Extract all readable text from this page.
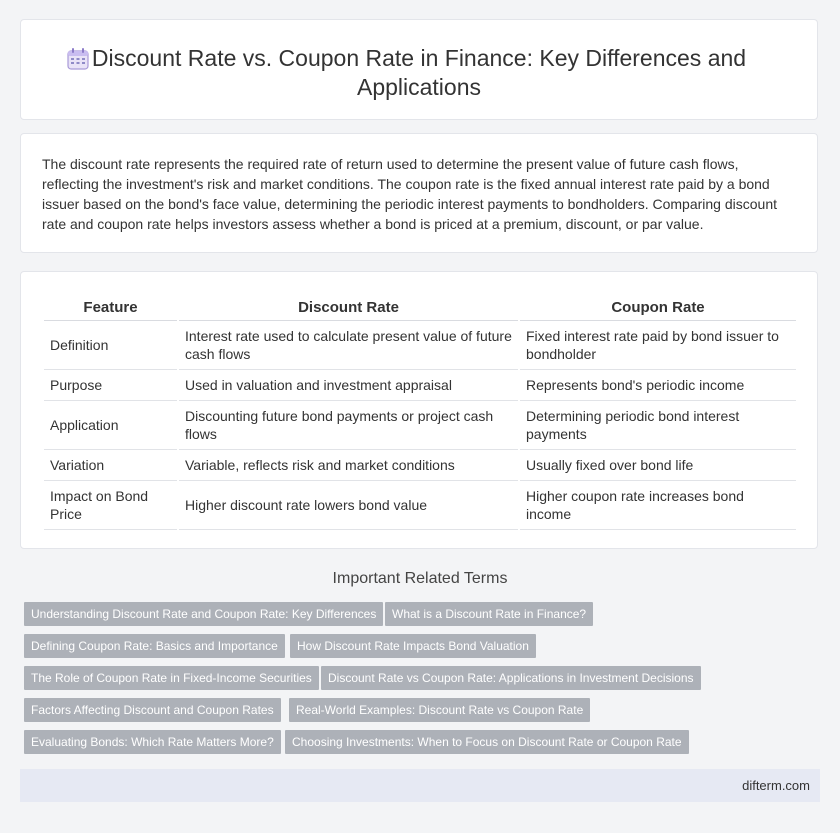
Discount Rate vs. Coupon Rate in Finance: Key Differences and Applications

The discount rate represents the required rate of return used to determine the present value of future cash flows, reflecting the investment's risk and market conditions. The coupon rate is the fixed annual interest rate paid by a bond issuer based on the bond's face value, determining the periodic interest payments to bondholders. Comparing discount rate and coupon rate helps investors assess whether a bond is priced at a premium, discount, or par value.

Feature	Discount Rate	Coupon Rate
Definition	Interest rate used to calculate present value of future cash flows	Fixed interest rate paid by bond issuer to bondholder
Purpose	Used in valuation and investment appraisal	Represents bond's periodic income
Application	Discounting future bond payments or project cash flows	Determining periodic bond interest payments
Variation	Variable, reflects risk and market conditions	Usually fixed over bond life
Impact on Bond Price	Higher discount rate lowers bond value	Higher coupon rate increases bond income
Important Related Terms
Understanding Discount Rate and Coupon Rate: Key Differences	What is a Discount Rate in Finance?
Defining Coupon Rate: Basics and Importance	How Discount Rate Impacts Bond Valuation
The Role of Coupon Rate in Fixed-Income Securities	Discount Rate vs Coupon Rate: Applications in Investment Decisions
Factors Affecting Discount and Coupon Rates	Real-World Examples: Discount Rate vs Coupon Rate
Evaluating Bonds: Which Rate Matters More?	Choosing Investments: When to Focus on Discount Rate or Coupon Rate
difterm.com
